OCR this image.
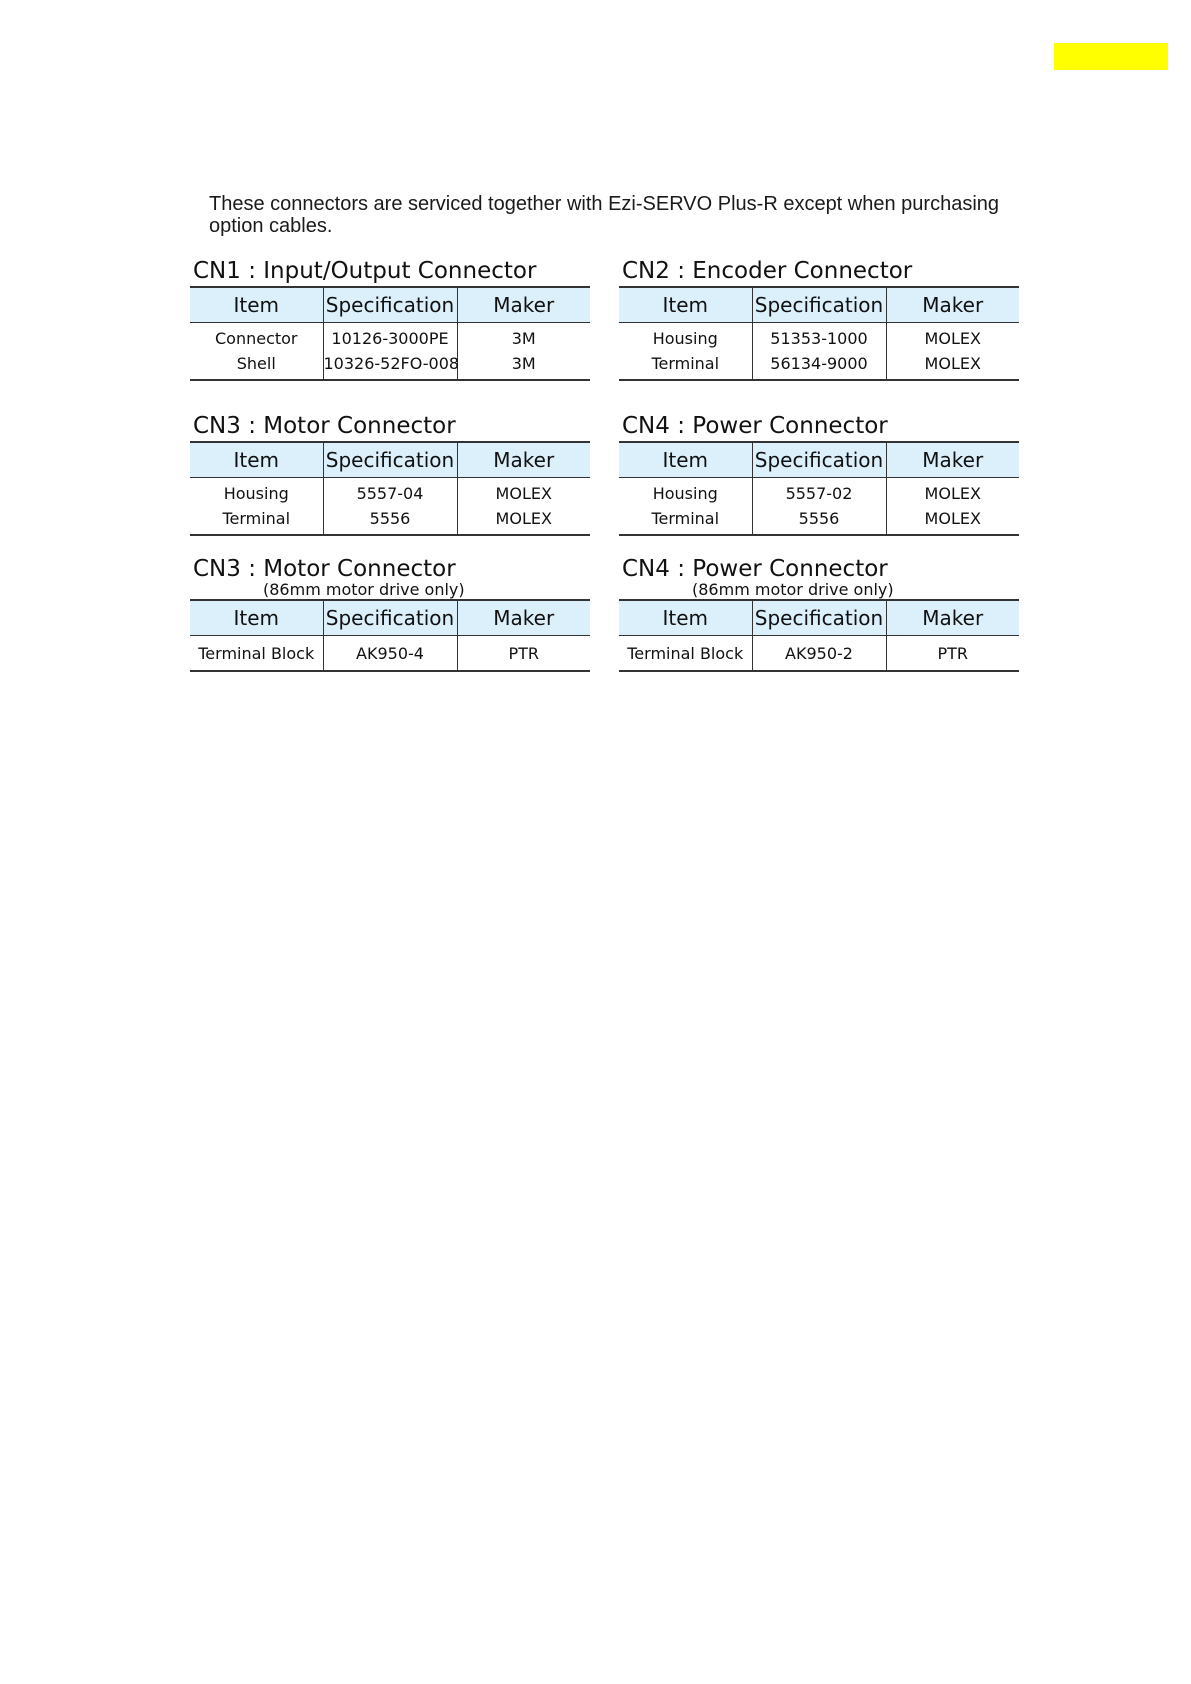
These connectors are serviced together with Ezi-SERVO Plus-R except when purchasing
option cables.
CN1 : Input/Output Connector
Item	Specification	Maker
Connector	10126-3000PE	3M
Shell	10326-52FO-008	3M
CN2 : Encoder Connector
Item	Specification	Maker
Housing	51353-1000	MOLEX
Terminal	56134-9000	MOLEX
CN3 : Motor Connector
Item	Specification	Maker
Housing	5557-04	MOLEX
Terminal	5556	MOLEX
CN4 : Power Connector
Item	Specification	Maker
Housing	5557-02	MOLEX
Terminal	5556	MOLEX
CN3 : Motor Connector
(86mm motor drive only)
Item	Specification	Maker
Terminal Block	AK950-4	PTR
CN4 : Power Connector
(86mm motor drive only)
Item	Specification	Maker
Terminal Block	AK950-2	PTR
